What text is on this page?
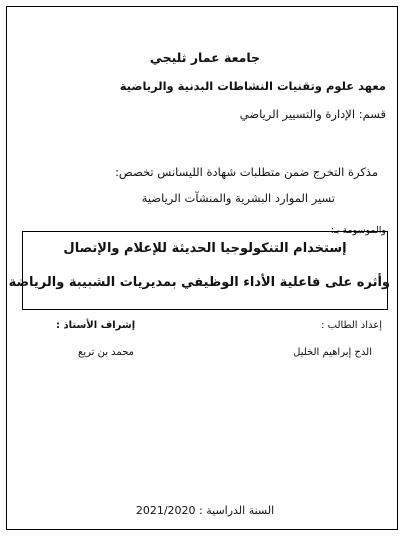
جامعة عمار ثليجي
معهد علوم وتقنيات النشاطات البدنية والرياضية
قسم: الإدارة والتسيير الرياضي
مذكرة التخرج ضمن متطلبات شهادة الليسانس تخصص:
تسير الموارد البشرية والمنشآت الرياضية
والموسومة بـ:
إستخدام التنكولوجيا الحديثة للإعلام والإتصال
وأثره على فاعلية الأداء الوظيفي بمديريات الشبيبة والرياضة
إعداد الطالب :
إشراف الأستاذ :
الدح إبراهيم الخليل
محمد بن تريع
السنة الدراسية : 2021/2020
